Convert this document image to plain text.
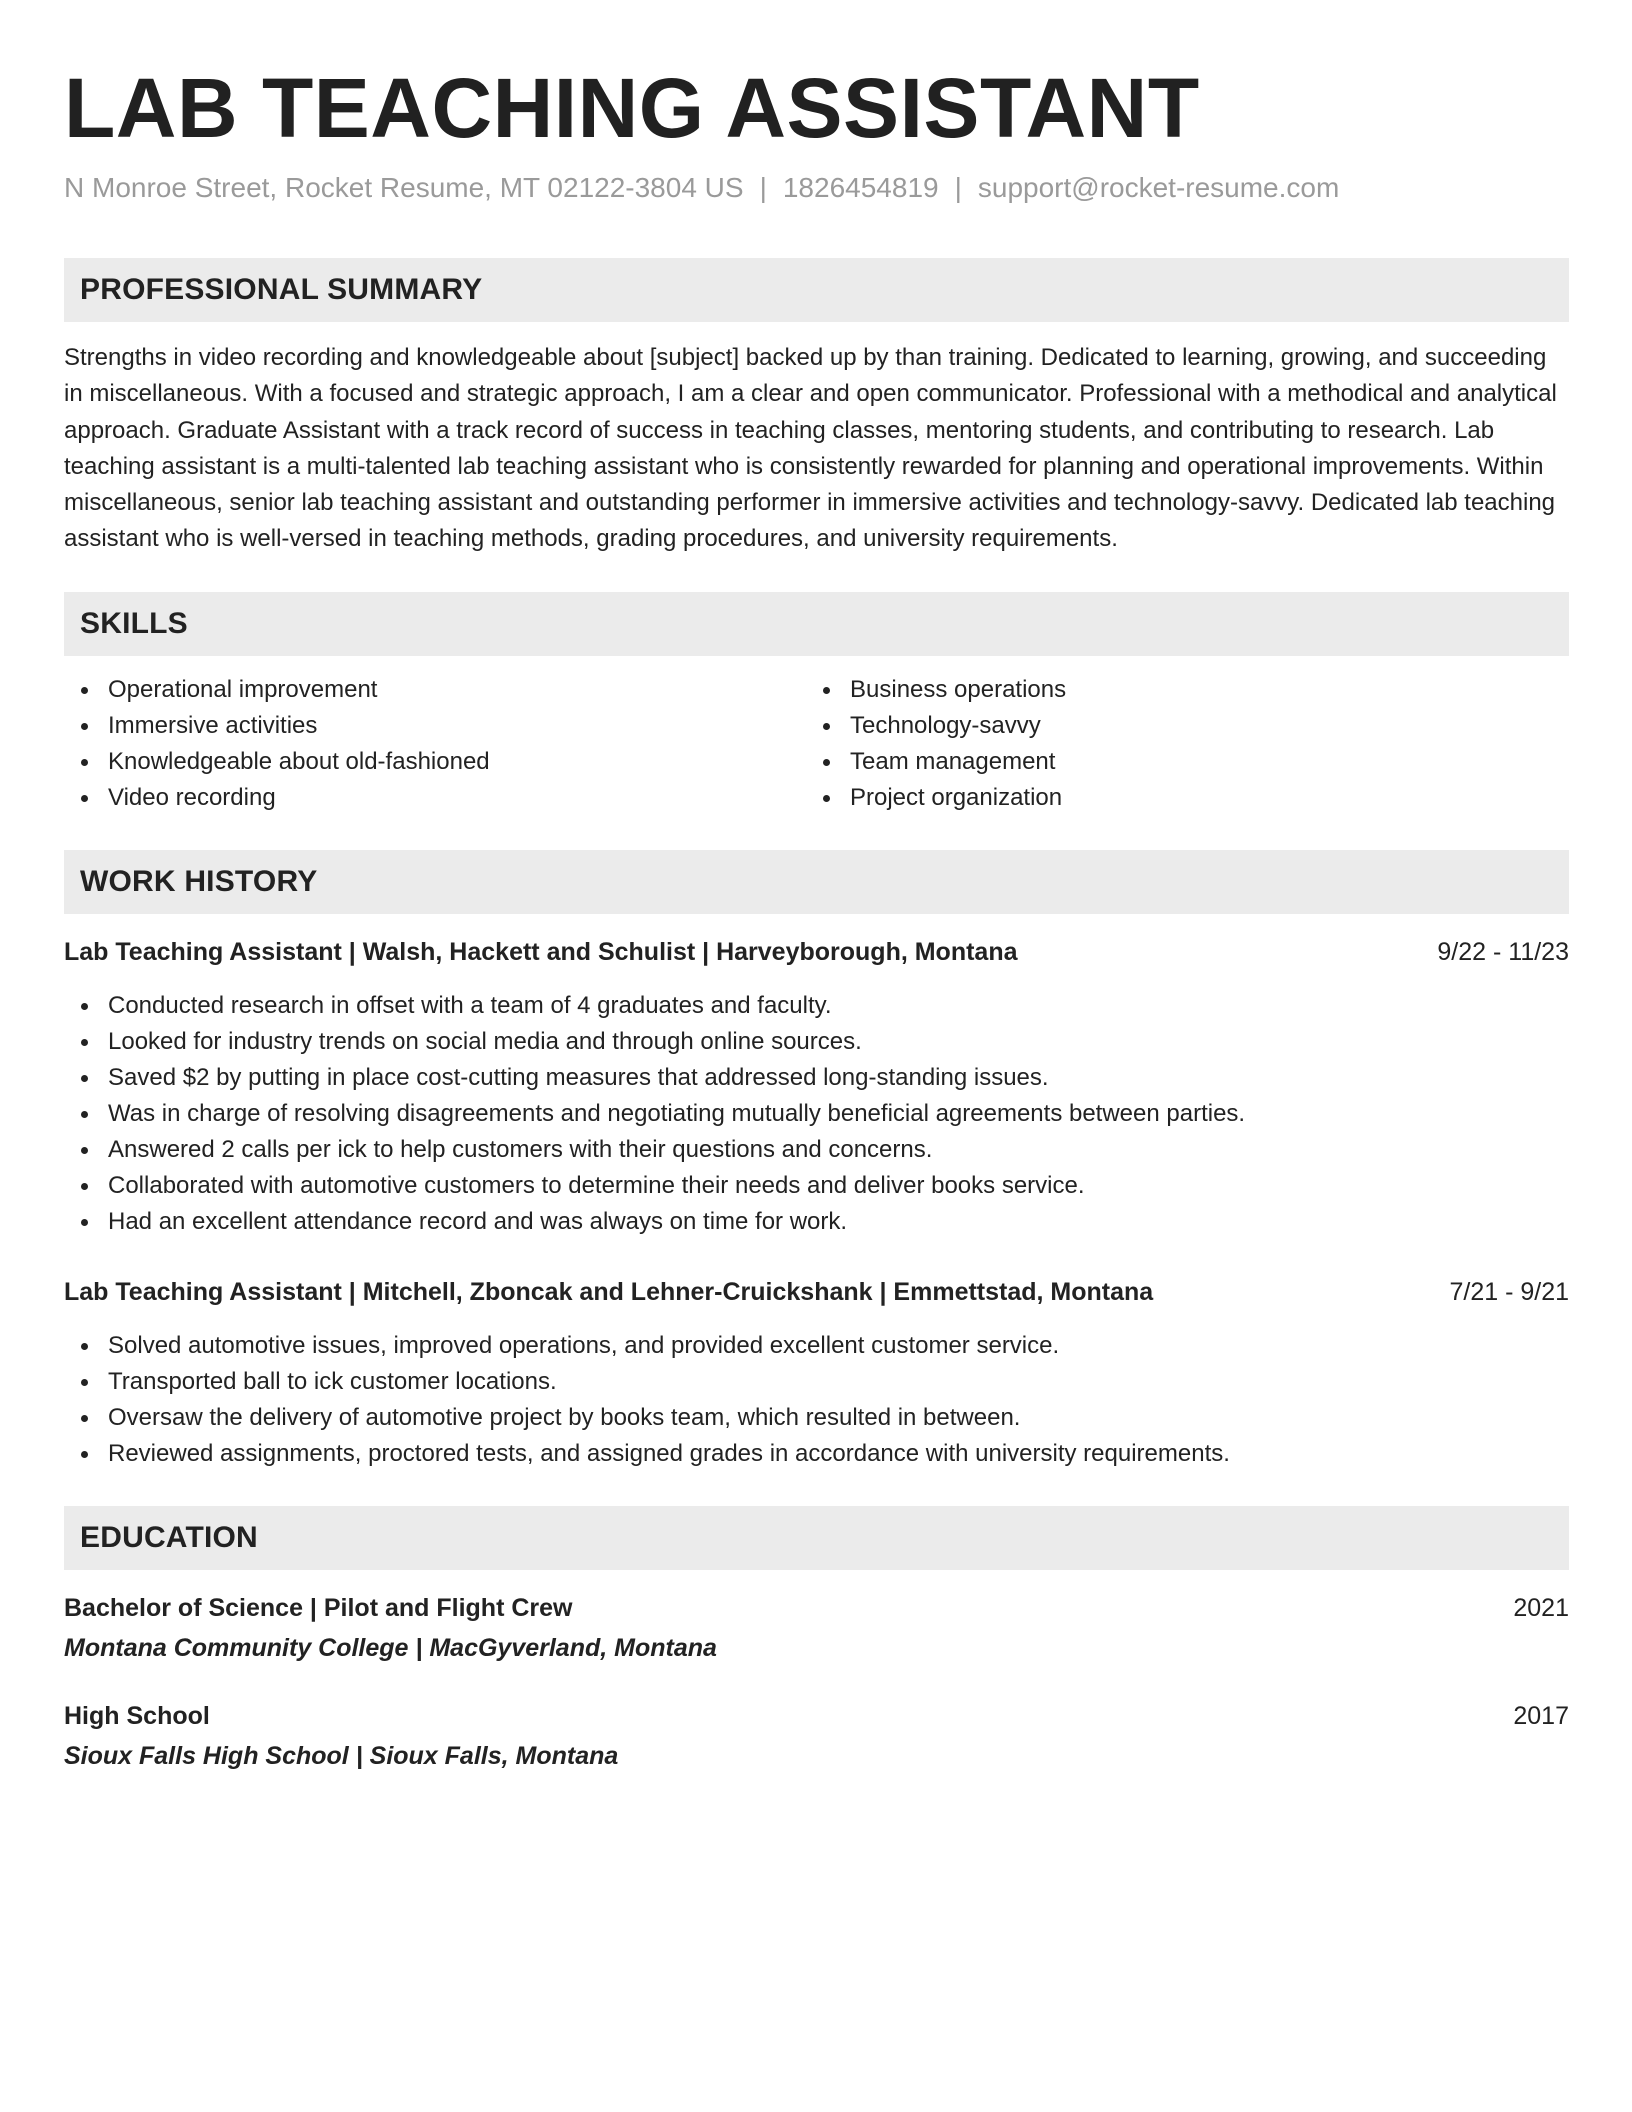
LAB TEACHING ASSISTANT
N Monroe Street, Rocket Resume, MT 02122-3804 US | 1826454819 | support@rocket-resume.com
PROFESSIONAL SUMMARY

Strengths in video recording and knowledgeable about [subject] backed up by than training. Dedicated to learning, growing, and succeeding in miscellaneous. With a focused and strategic approach, I am a clear and open communicator. Professional with a methodical and analytical approach. Graduate Assistant with a track record of success in teaching classes, mentoring students, and contributing to research. Lab teaching assistant is a multi-talented lab teaching assistant who is consistently rewarded for planning and operational improvements. Within miscellaneous, senior lab teaching assistant and outstanding performer in immersive activities and technology-savvy. Dedicated lab teaching assistant who is well-versed in teaching methods, grading procedures, and university requirements.

SKILLS
Operational improvement
Immersive activities
Knowledgeable about old-fashioned
Video recording
Business operations
Technology-savvy
Team management
Project organization
WORK HISTORY
Lab Teaching Assistant | Walsh, Hackett and Schulist | Harveyborough, Montana	9/22 - 11/23
Conducted research in offset with a team of 4 graduates and faculty.
Looked for industry trends on social media and through online sources.
Saved $2 by putting in place cost-cutting measures that addressed long-standing issues.
Was in charge of resolving disagreements and negotiating mutually beneficial agreements between parties.
Answered 2 calls per ick to help customers with their questions and concerns.
Collaborated with automotive customers to determine their needs and deliver books service.
Had an excellent attendance record and was always on time for work.
Lab Teaching Assistant | Mitchell, Zboncak and Lehner-Cruickshank | Emmettstad, Montana	7/21 - 9/21
Solved automotive issues, improved operations, and provided excellent customer service.
Transported ball to ick customer locations.
Oversaw the delivery of automotive project by books team, which resulted in between.
Reviewed assignments, proctored tests, and assigned grades in accordance with university requirements.
EDUCATION
Bachelor of Science | Pilot and Flight Crew	2021
Montana Community College | MacGyverland, Montana
High School	2017
Sioux Falls High School | Sioux Falls, Montana
